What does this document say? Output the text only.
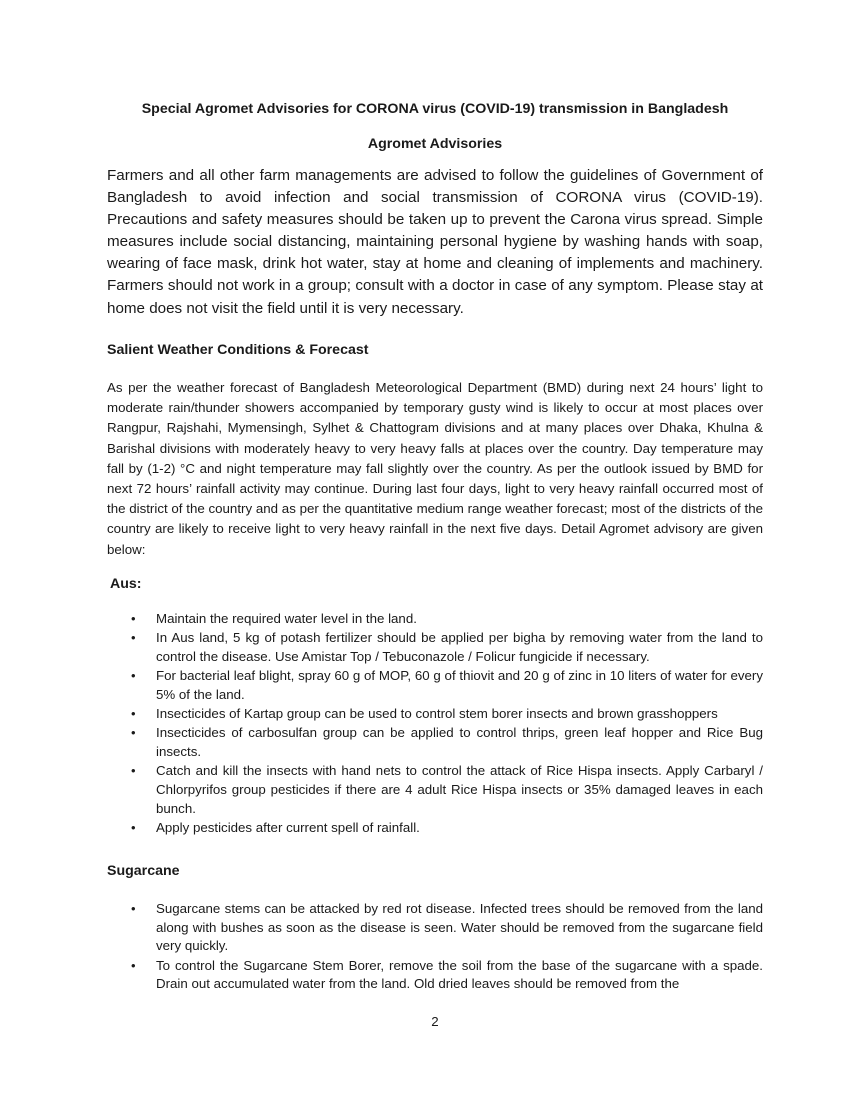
Special Agromet Advisories for CORONA virus (COVID-19) transmission in Bangladesh
Agromet Advisories

Farmers and all other farm managements are advised to follow the guidelines of Government of Bangladesh to avoid infection and social transmission of CORONA virus (COVID-19). Precautions and safety measures should be taken up to prevent the Carona virus spread. Simple measures include social distancing, maintaining personal hygiene by washing hands with soap, wearing of face mask, drink hot water, stay at home and cleaning of implements and machinery. Farmers should not work in a group; consult with a doctor in case of any symptom. Please stay at home does not visit the field until it is very necessary.

Salient Weather Conditions & Forecast

As per the weather forecast of Bangladesh Meteorological Department (BMD) during next 24 hours’ light to moderate rain/thunder showers accompanied by temporary gusty wind is likely to occur at most places over Rangpur, Rajshahi, Mymensingh, Sylhet & Chattogram divisions and at many places over Dhaka, Khulna & Barishal divisions with moderately heavy to very heavy falls at places over the country. Day temperature may fall by (1-2) °C and night temperature may fall slightly over the country. As per the outlook issued by BMD for next 72 hours’ rainfall activity may continue. During last four days, light to very heavy rainfall occurred most of the district of the country and as per the quantitative medium range weather forecast; most of the districts of the country are likely to receive light to very heavy rainfall in the next five days. Detail Agromet advisory are given below:

Aus:
• Maintain the required water level in the land.
• In Aus land, 5 kg of potash fertilizer should be applied per bigha by removing water from the land to control the disease. Use Amistar Top / Tebuconazole / Folicur fungicide if necessary.
• For bacterial leaf blight, spray 60 g of MOP, 60 g of thiovit and 20 g of zinc in 10 liters of water for every 5% of the land.
• Insecticides of Kartap group can be used to control stem borer insects and brown grasshoppers
• Insecticides of carbosulfan group can be applied to control thrips, green leaf hopper and Rice Bug insects.
• Catch and kill the insects with hand nets to control the attack of Rice Hispa insects. Apply Carbaryl / Chlorpyrifos group pesticides if there are 4 adult Rice Hispa insects or 35% damaged leaves in each bunch.
• Apply pesticides after current spell of rainfall.
Sugarcane
• Sugarcane stems can be attacked by red rot disease. Infected trees should be removed from the land along with bushes as soon as the disease is seen. Water should be removed from the sugarcane field very quickly.
• To control the Sugarcane Stem Borer, remove the soil from the base of the sugarcane with a spade. Drain out accumulated water from the land. Old dried leaves should be removed from the
2
